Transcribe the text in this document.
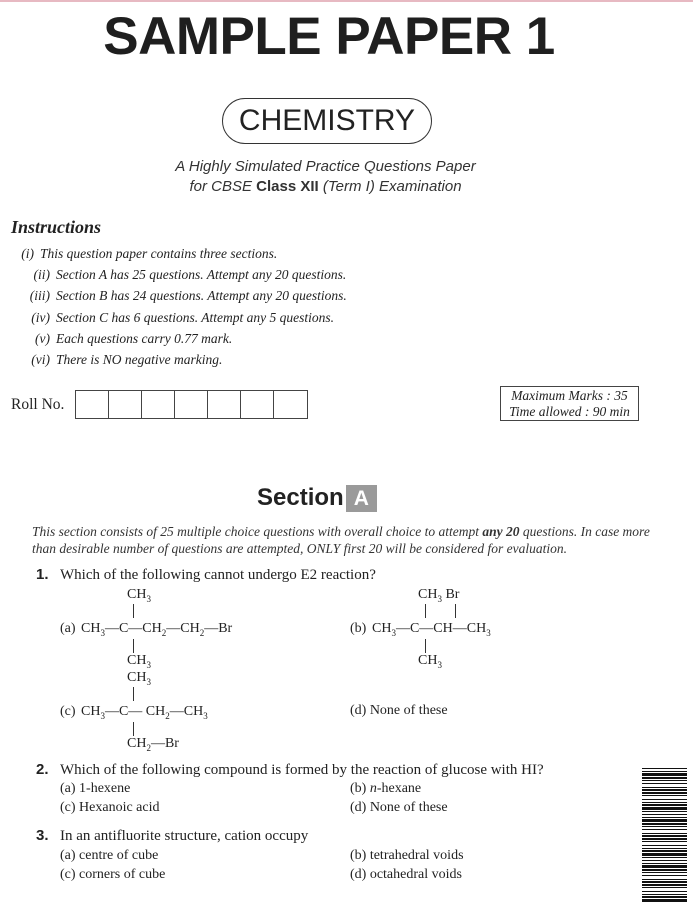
SAMPLE PAPER 1
CHEMISTRY
A Highly Simulated Practice Questions Paper
for CBSE Class XII (Term I) Examination
Instructions
(i) This question paper contains three sections.
(ii) Section A has 25 questions. Attempt any 20 questions.
(iii) Section B has 24 questions. Attempt any 20 questions.
(iv) Section C has 6 questions. Attempt any 5 questions.
(v) Each questions carry 0.77 mark.
(vi) There is NO negative marking.
Roll No.
Maximum Marks : 35
Time allowed : 90 min
Section A
This section consists of 25 multiple choice questions with overall choice to attempt any 20 questions. In case more than desirable number of questions are attempted, ONLY first 20 will be considered for evaluation.
1. Which of the following cannot undergo E2 reaction?
(a)
$CH_3$
$CH_3—C—CH_2—CH_2—Br$
$CH_3$
(b)
$CH_3$ Br
$CH_3—C—CH—CH_3$
$CH_3$
(c)
$CH_3$
$CH_3—C—$ $CH_2—CH_3$
$CH_2—Br$
(d) None of these
2. Which of the following compound is formed by the reaction of glucose with HI?
(a) 1-hexene	(b) n-hexane
(c) Hexanoic acid	(d) None of these
3. In an antifluorite structure, cation occupy
(a) centre of cube	(b) tetrahedral voids
(c) corners of cube	(d) octahedral voids
